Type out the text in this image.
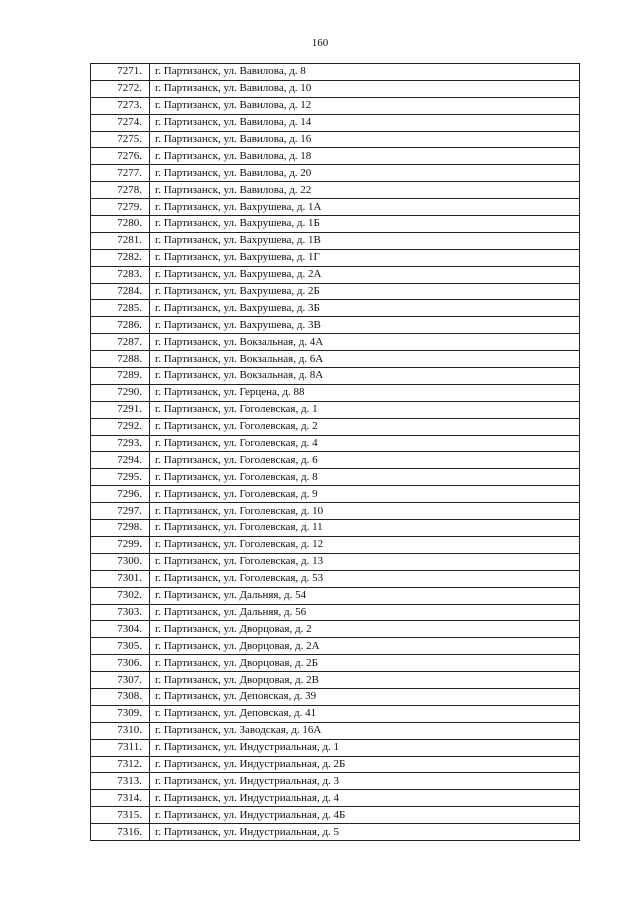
160
7271.	г. Партизанск, ул. Вавилова, д. 8
7272.	г. Партизанск, ул. Вавилова, д. 10
7273.	г. Партизанск, ул. Вавилова, д. 12
7274.	г. Партизанск, ул. Вавилова, д. 14
7275.	г. Партизанск, ул. Вавилова, д. 16
7276.	г. Партизанск, ул. Вавилова, д. 18
7277.	г. Партизанск, ул. Вавилова, д. 20
7278.	г. Партизанск, ул. Вавилова, д. 22
7279.	г. Партизанск, ул. Вахрушева, д. 1А
7280.	г. Партизанск, ул. Вахрушева, д. 1Б
7281.	г. Партизанск, ул. Вахрушева, д. 1В
7282.	г. Партизанск, ул. Вахрушева, д. 1Г
7283.	г. Партизанск, ул. Вахрушева, д. 2А
7284.	г. Партизанск, ул. Вахрушева, д. 2Б
7285.	г. Партизанск, ул. Вахрушева, д. 3Б
7286.	г. Партизанск, ул. Вахрушева, д. 3В
7287.	г. Партизанск, ул. Вокзальная, д. 4А
7288.	г. Партизанск, ул. Вокзальная, д. 6А
7289.	г. Партизанск, ул. Вокзальная, д. 8А
7290.	г. Партизанск, ул. Герцена, д. 88
7291.	г. Партизанск, ул. Гоголевская, д. 1
7292.	г. Партизанск, ул. Гоголевская, д. 2
7293.	г. Партизанск, ул. Гоголевская, д. 4
7294.	г. Партизанск, ул. Гоголевская, д. 6
7295.	г. Партизанск, ул. Гоголевская, д. 8
7296.	г. Партизанск, ул. Гоголевская, д. 9
7297.	г. Партизанск, ул. Гоголевская, д. 10
7298.	г. Партизанск, ул. Гоголевская, д. 11
7299.	г. Партизанск, ул. Гоголевская, д. 12
7300.	г. Партизанск, ул. Гоголевская, д. 13
7301.	г. Партизанск, ул. Гоголевская, д. 53
7302.	г. Партизанск, ул. Дальняя, д. 54
7303.	г. Партизанск, ул. Дальняя, д. 56
7304.	г. Партизанск, ул. Дворцовая, д. 2
7305.	г. Партизанск, ул. Дворцовая, д. 2А
7306.	г. Партизанск, ул. Дворцовая, д. 2Б
7307.	г. Партизанск, ул. Дворцовая, д. 2В
7308.	г. Партизанск, ул. Деповская, д. 39
7309.	г. Партизанск, ул. Деповская, д. 41
7310.	г. Партизанск, ул. Заводская, д. 16А
7311.	г. Партизанск, ул. Индустриальная, д. 1
7312.	г. Партизанск, ул. Индустриальная, д. 2Б
7313.	г. Партизанск, ул. Индустриальная, д. 3
7314.	г. Партизанск, ул. Индустриальная, д. 4
7315.	г. Партизанск, ул. Индустриальная, д. 4Б
7316.	г. Партизанск, ул. Индустриальная, д. 5
